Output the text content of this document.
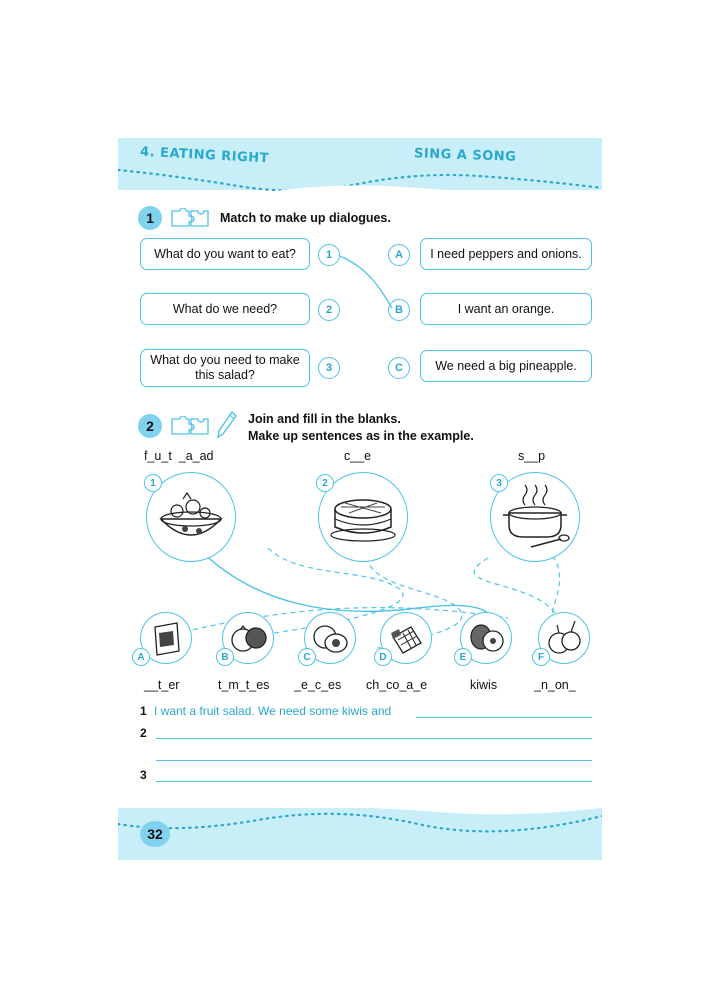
4. EATING RIGHT	SING A SONG
1	Match to make up dialogues.
What do you want to eat?
What do we need?
What do you need to make this salad?
1
2
3
A
B
C
I need peppers and onions.
I want an orange.
We need a big pineapple.
2	Join and fill in the blanks.
Make up sentences as in the example.
f_u_t  _a_ad	c__e	s__p
1	2	3
A	B	C	D	E	F
__t_er	t_m_t_es _e_c_es ch_co_a_e	kiwis	_n_on_
1 I want a fruit salad. We need some kiwis and
2
3
32
